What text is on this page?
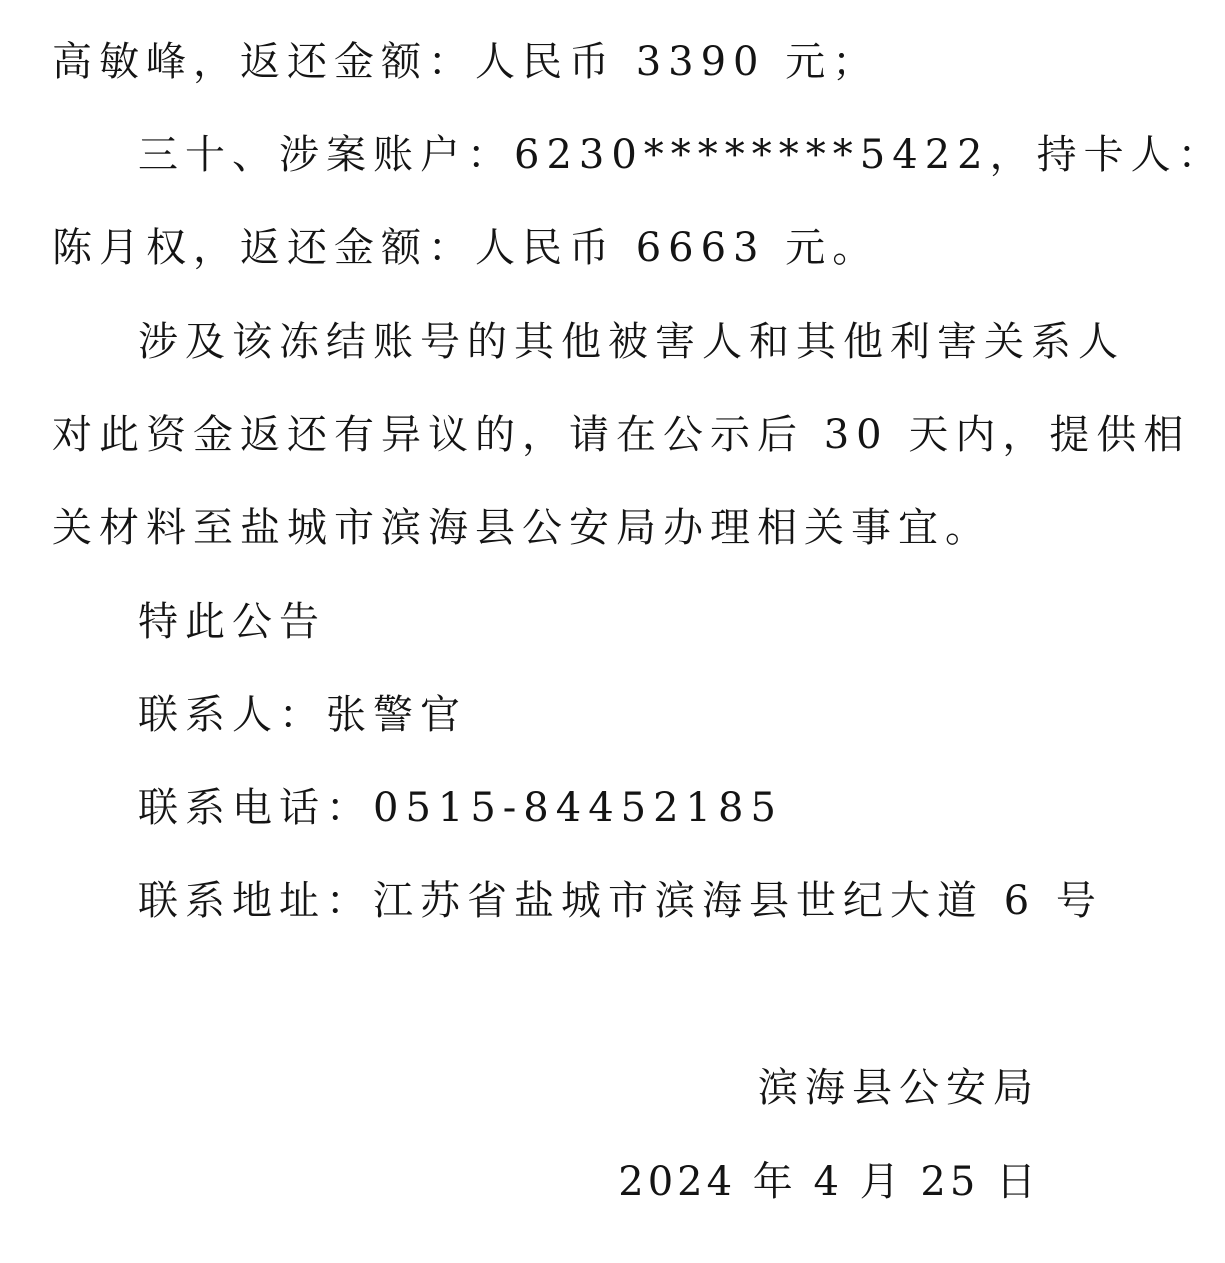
高敏峰，返还金额：人民币 3390 元；
三十、涉案账户：6230********5422，持卡人：
陈月权，返还金额：人民币 6663 元。
涉及该冻结账号的其他被害人和其他利害关系人
对此资金返还有异议的，请在公示后 30 天内，提供相
关材料至盐城市滨海县公安局办理相关事宜。
特此公告
联系人：张警官
联系电话：0515-84452185
联系地址：江苏省盐城市滨海县世纪大道 6 号
滨海县公安局
2024 年 4 月 25 日
